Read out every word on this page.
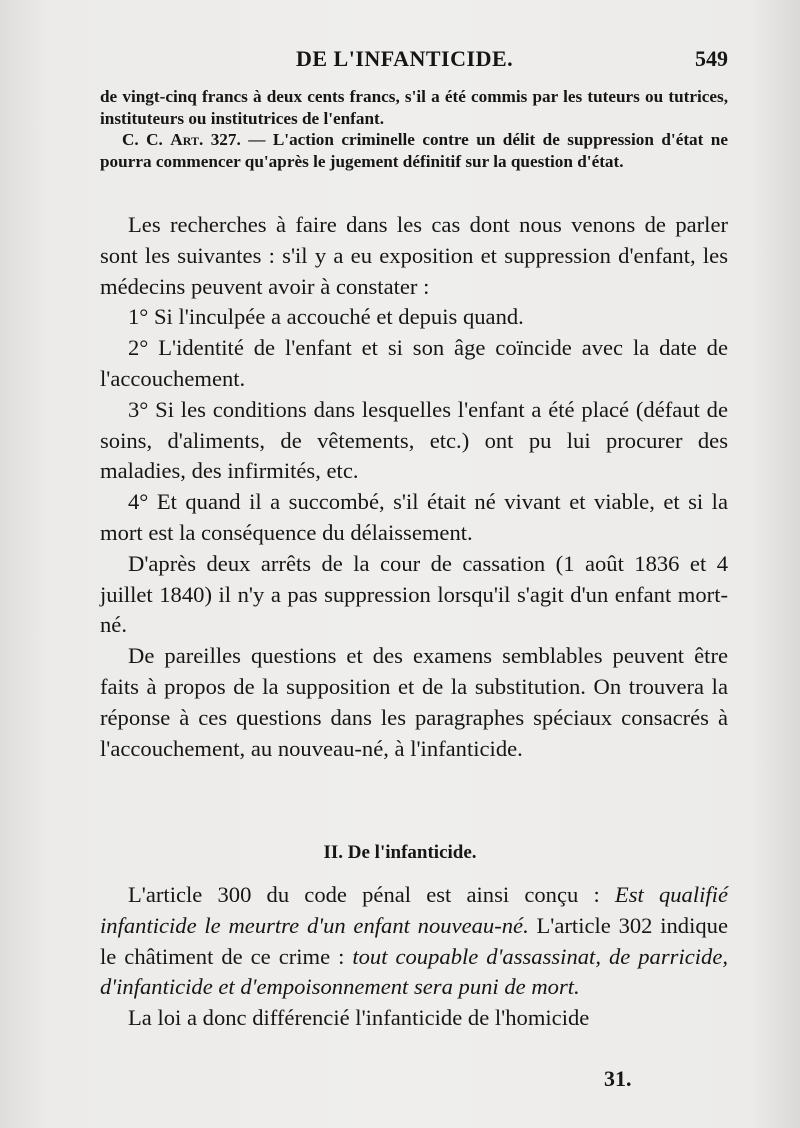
DE L'INFANTICIDE.	549

de vingt-cinq francs à deux cents francs, s'il a été commis par les tuteurs ou tutrices, instituteurs ou institutrices de l'enfant.

C. C. Art. 327. — L'action criminelle contre un délit de suppression d'état ne pourra commencer qu'après le jugement définitif sur la question d'état.

Les recherches à faire dans les cas dont nous venons de parler sont les suivantes : s'il y a eu exposition et suppression d'enfant, les médecins peuvent avoir à constater :

1° Si l'inculpée a accouché et depuis quand.

2° L'identité de l'enfant et si son âge coïncide avec la date de l'accouchement.

3° Si les conditions dans lesquelles l'enfant a été placé (défaut de soins, d'aliments, de vêtements, etc.) ont pu lui procurer des maladies, des infirmités, etc.

4° Et quand il a succombé, s'il était né vivant et viable, et si la mort est la conséquence du délaissement.

D'après deux arrêts de la cour de cassation (1 août 1836 et 4 juillet 1840) il n'y a pas suppression lorsqu'il s'agit d'un enfant mort-né.

De pareilles questions et des examens semblables peuvent être faits à propos de la supposition et de la substitution. On trouvera la réponse à ces questions dans les paragraphes spéciaux consacrés à l'accouchement, au nouveau-né, à l'infanticide.

II. De l'infanticide.

L'article 300 du code pénal est ainsi conçu : Est qualifié infanticide le meurtre d'un enfant nouveau-né. L'article 302 indique le châtiment de ce crime : tout coupable d'assassinat, de parricide, d'infanticide et d'empoisonnement sera puni de mort.

La loi a donc différencié l'infanticide de l'homicide

31.
